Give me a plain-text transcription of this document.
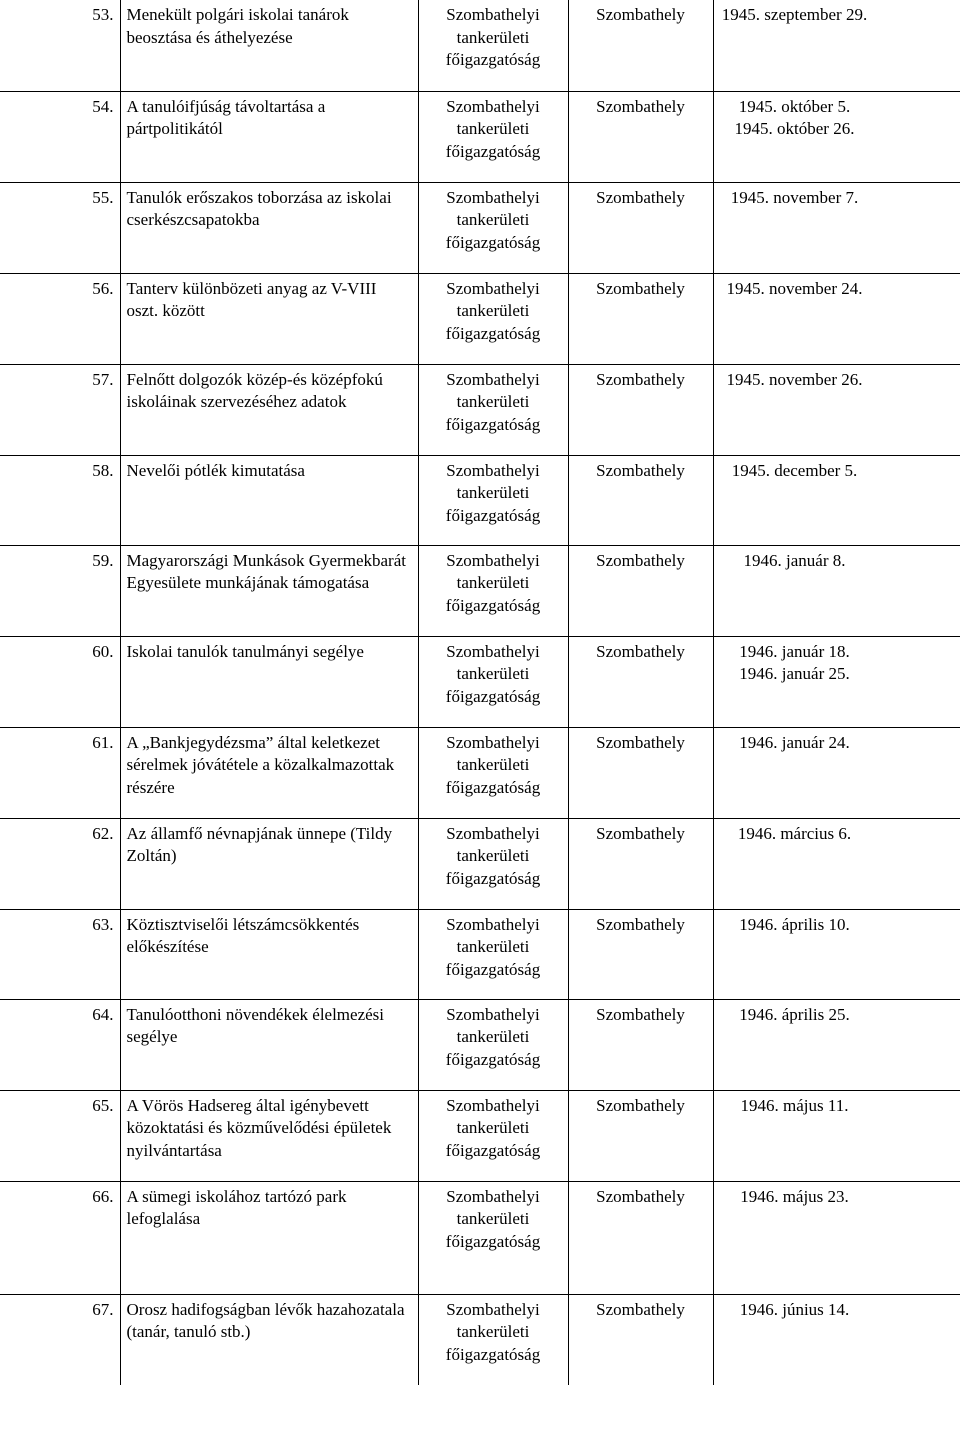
53.	Menekült polgári iskolai tanárok beosztása és áthelyezése	Szombathelyi
tankerületi
főigazgatóság	Szombathely	1945. szeptember 29.

54.	A tanulóifjúság távoltartása a pártpolitikától	Szombathelyi
tankerületi
főigazgatóság	Szombathely	1945. október 5.
1945. október 26.

55.	Tanulók erőszakos toborzása az iskolai cserkészcsapatokba	Szombathelyi
tankerületi
főigazgatóság	Szombathely	1945. november 7.

56.	Tanterv különbözeti anyag az V-VIII oszt. között	Szombathelyi
tankerületi
főigazgatóság	Szombathely	1945. november 24.

57.	Felnőtt dolgozók közép-és középfokú iskoláinak szervezéséhez adatok	Szombathelyi
tankerületi
főigazgatóság	Szombathely	1945. november 26.

58.	Nevelői pótlék kimutatása	Szombathelyi
tankerületi
főigazgatóság	Szombathely	1945. december 5.

59.	Magyarországi Munkások Gyermekbarát Egyesülete munkájának támogatása	Szombathelyi
tankerületi
főigazgatóság	Szombathely	1946. január 8.

60.	Iskolai tanulók tanulmányi segélye	Szombathelyi
tankerületi
főigazgatóság	Szombathely	1946. január 18.
1946. január 25.

61.	A „Bankjegydézsma” által keletkezet sérelmek jóvátétele a közalkalmazottak részére	Szombathelyi
tankerületi
főigazgatóság	Szombathely	1946. január 24.

62.	Az államfő névnapjának ünnepe (Tildy Zoltán)	Szombathelyi
tankerületi
főigazgatóság	Szombathely	1946. március 6.

63.	Köztisztviselői létszámcsökkentés előkészítése	Szombathelyi
tankerületi
főigazgatóság	Szombathely	1946. április 10.

64.	Tanulóotthoni növendékek élelmezési segélye	Szombathelyi
tankerületi
főigazgatóság	Szombathely	1946. április 25.

65.	A Vörös Hadsereg által igénybevett közoktatási és közművelődési épületek nyilvántartása	Szombathelyi
tankerületi
főigazgatóság	Szombathely	1946. május 11.

66.	A sümegi iskolához tartózó park lefoglalása	Szombathelyi
tankerületi
főigazgatóság	Szombathely	1946. május 23.

67.	Orosz hadifogságban lévők hazahozatala (tanár, tanuló stb.)	Szombathelyi
tankerületi
főigazgatóság	Szombathely	1946. június 14.
